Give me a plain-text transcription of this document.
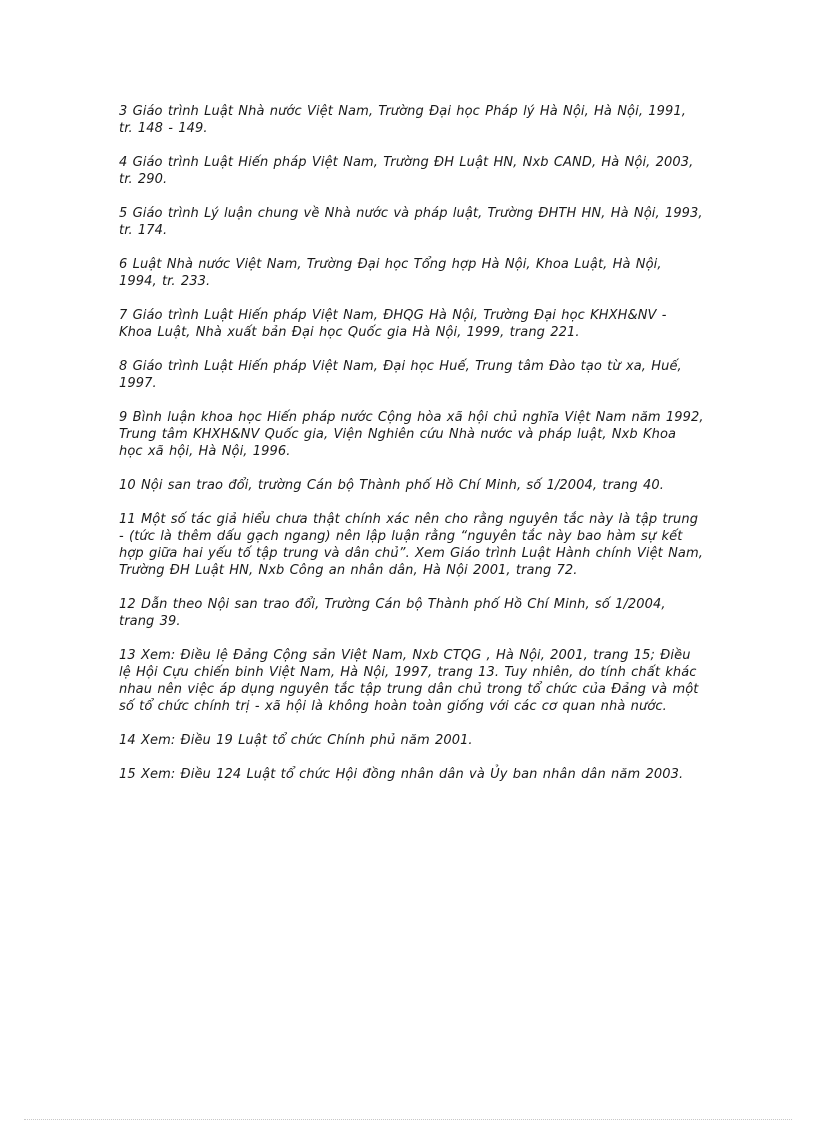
3 Giáo trình Luật Nhà nước Việt Nam, Trường Đại học Pháp lý Hà Nội, Hà Nội, 1991, tr. 148 - 149.
4 Giáo trình Luật Hiến pháp Việt Nam, Trường ĐH Luật HN, Nxb CAND, Hà Nội, 2003, tr. 290.
5 Giáo trình Lý luận chung về Nhà nước và pháp luật, Trường ĐHTH HN, Hà Nội, 1993, tr. 174.
6 Luật Nhà nước Việt Nam, Trường Đại học Tổng hợp Hà Nội, Khoa Luật, Hà Nội, 1994, tr. 233.
7 Giáo trình Luật Hiến pháp Việt Nam, ĐHQG Hà Nội, Trường Đại học KHXH&NV - Khoa Luật, Nhà xuất bản Đại học Quốc gia Hà Nội, 1999, trang 221.
8 Giáo trình Luật Hiến pháp Việt Nam, Đại học Huế, Trung tâm Đào tạo từ xa, Huế, 1997.
9 Bình luận khoa học Hiến pháp nước Cộng hòa xã hội chủ nghĩa Việt Nam năm 1992, Trung tâm KHXH&NV Quốc gia, Viện Nghiên cứu Nhà nước và pháp luật, Nxb Khoa học xã hội, Hà Nội, 1996.
10 Nội san trao đổi, trường Cán bộ Thành phố Hồ Chí Minh, số 1/2004, trang 40.
11 Một số tác giả hiểu chưa thật chính xác nên cho rằng nguyên tắc này là tập trung - (tức là thêm dấu gạch ngang) nên lập luận rằng “nguyên tắc này bao hàm sự kết hợp giữa hai yếu tố tập trung và dân chủ”. Xem Giáo trình Luật Hành chính Việt Nam, Trường ĐH Luật HN, Nxb Công an nhân dân, Hà Nội 2001, trang 72.
12 Dẫn theo Nội san trao đổi, Trường Cán bộ Thành phố Hồ Chí Minh, số 1/2004, trang 39.
13 Xem: Điều lệ Đảng Cộng sản Việt Nam, Nxb CTQG , Hà Nội, 2001, trang 15; Điều lệ Hội Cựu chiến binh Việt Nam, Hà Nội, 1997, trang 13. Tuy nhiên, do tính chất khác nhau nên việc áp dụng nguyên tắc tập trung dân chủ trong tổ chức của Đảng và một số tổ chức chính trị - xã hội là không hoàn toàn giống với các cơ quan nhà nước.
14 Xem: Điều 19 Luật tổ chức Chính phủ năm 2001.
15 Xem: Điều 124 Luật tổ chức Hội đồng nhân dân và Ủy ban nhân dân năm 2003.
